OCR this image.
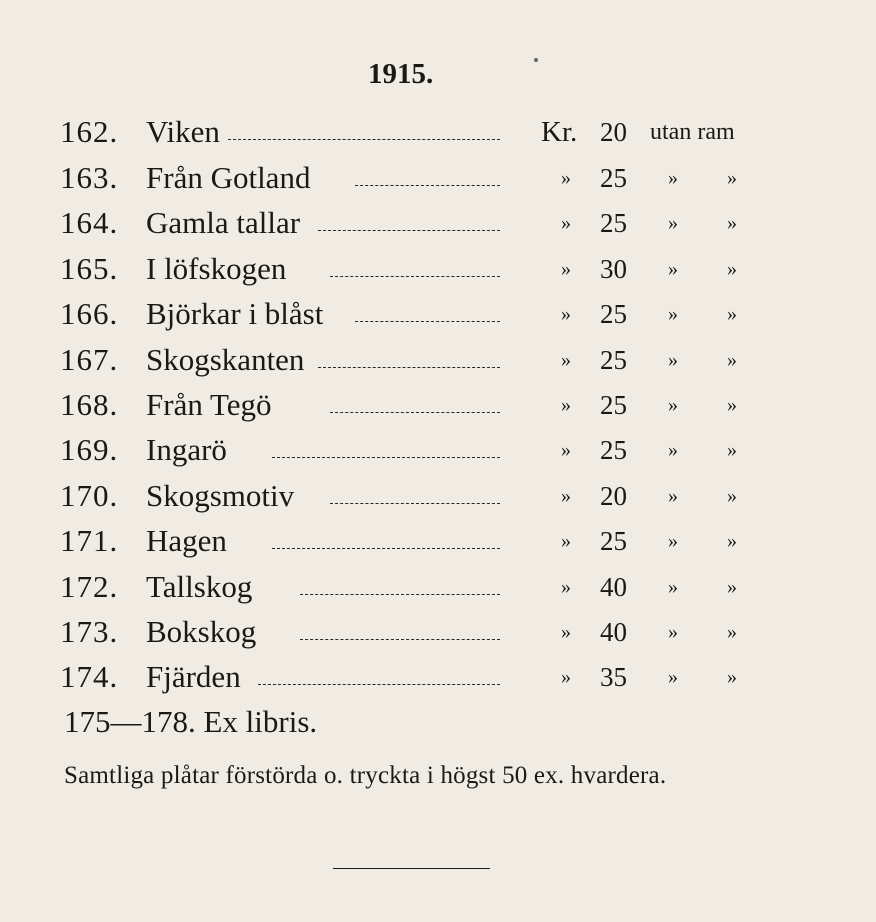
1915.
162. Viken	Kr. 20 utan ram
163. Från Gotland	» 25 » »
164. Gamla tallar	» 25 » »
165. I löfskogen	» 30 » »
166. Björkar i blåst	» 25 » »
167. Skogskanten	» 25 » »
168. Från Tegö	» 25 » »
169. Ingarö	» 25 » »
170. Skogsmotiv	» 20 » »
171. Hagen	» 25 » »
172. Tallskog	» 40 » »
173. Bokskog	» 40 » »
174. Fjärden	» 35 » »
175—178. Ex libris.
Samtliga plåtar förstörda o. tryckta i högst 50 ex. hvardera.
